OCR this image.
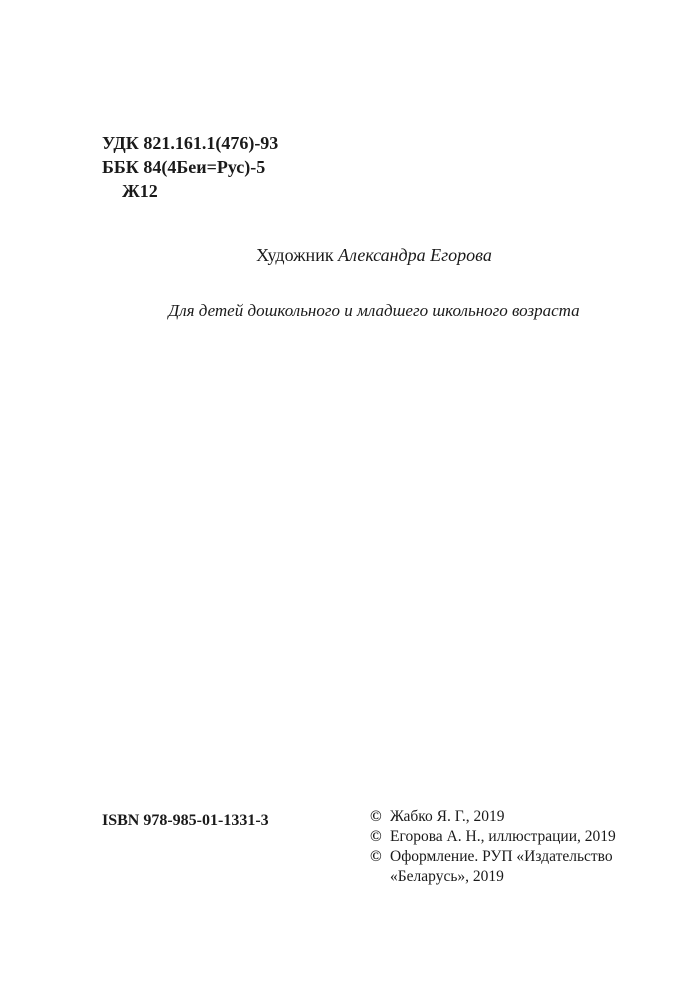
УДК 821.161.1(476)-93
ББК 84(4Беи=Рус)-5
Ж12
Художник Александра Егорова
Для детей дошкольного и младшего школьного возраста
ISBN 978-985-01-1331-3	© Жабко Я. Г., 2019
© Егорова А. Н., иллюстрации, 2019
© Оформление. РУП «Издательство
«Беларусь», 2019
